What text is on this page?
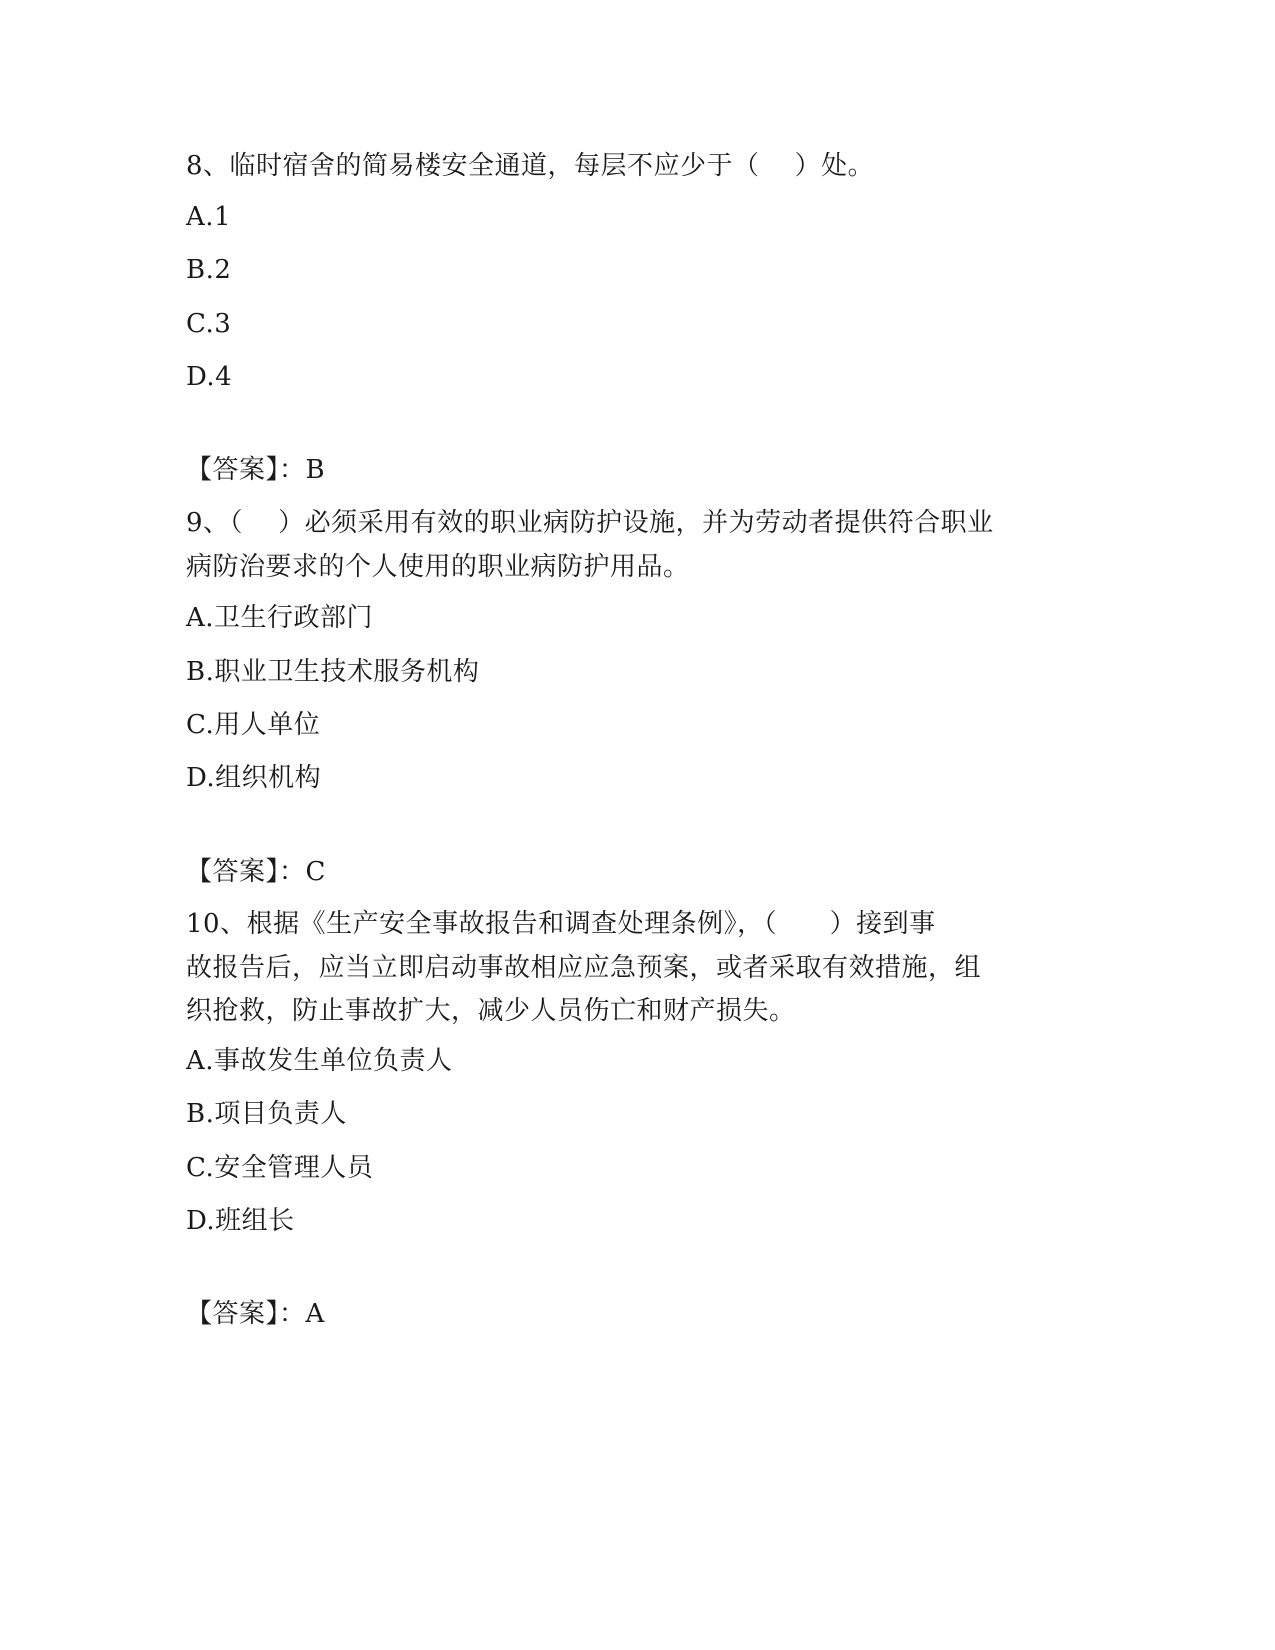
8、临时宿舍的简易楼安全通道，每层不应少于（    ）处。
A.1
B.2
C.3
D.4
【答案】：B
9、（    ）必须采用有效的职业病防护设施，并为劳动者提供符合职业
病防治要求的个人使用的职业病防护用品。
A.卫生行政部门
B.职业卫生技术服务机构
C.用人单位
D.组织机构
【答案】：C
10、根据《生产安全事故报告和调查处理条例》，（      ）接到事
故报告后，应当立即启动事故相应应急预案，或者采取有效措施，组
织抢救，防止事故扩大，减少人员伤亡和财产损失。
A.事故发生单位负责人
B.项目负责人
C.安全管理人员
D.班组长
【答案】：A
